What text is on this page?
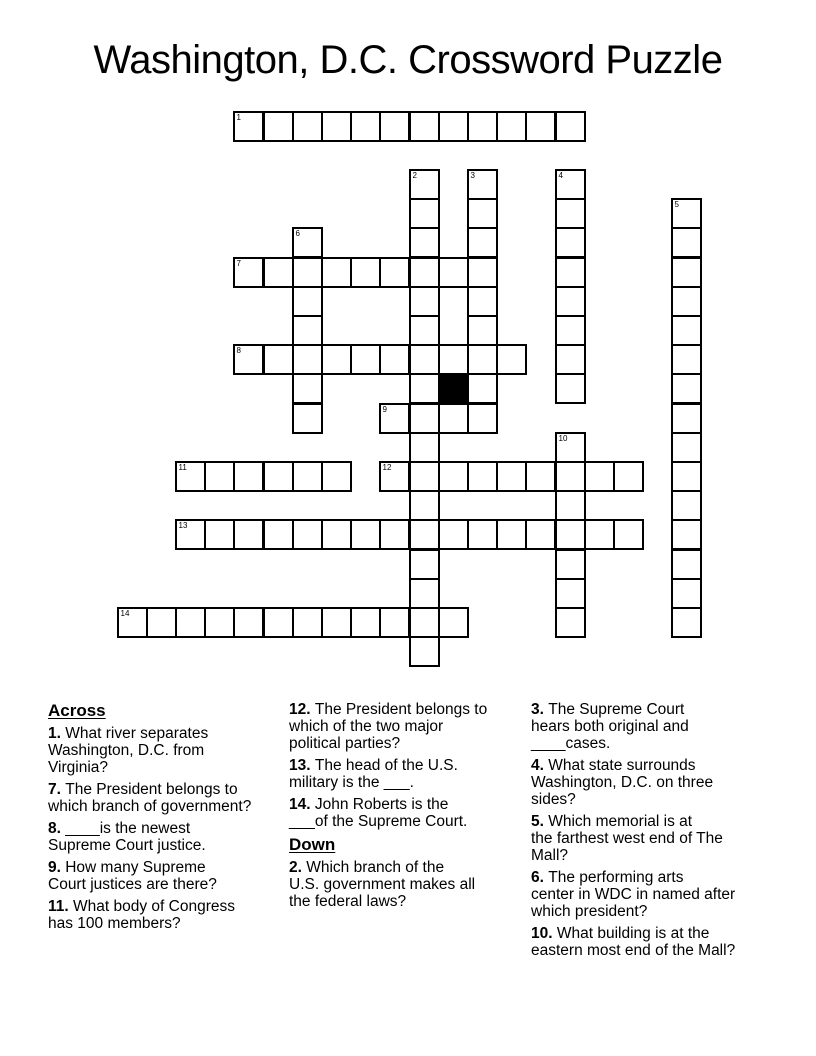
Washington, D.C. Crossword Puzzle
1
2	3	4
5
6
7
8
9
10
11	12
13
14
Across
1. What river separates
Washington, D.C. from
Virginia?
7. The President belongs to
which branch of government?
8. ____is the newest
Supreme Court justice.
9. How many Supreme
Court justices are there?
11. What body of Congress
has 100 members?
12. The President belongs to
which of the two major
political parties?
13. The head of the U.S.
military is the ___.
14. John Roberts is the
___of the Supreme Court.
Down
2. Which branch of the
U.S. government makes all
the federal laws?
3. The Supreme Court
hears both original and
____cases.
4. What state surrounds
Washington, D.C. on three
sides?
5. Which memorial is at
the farthest west end of The
Mall?
6. The performing arts
center in WDC in named after
which president?
10. What building is at the
eastern most end of the Mall?
